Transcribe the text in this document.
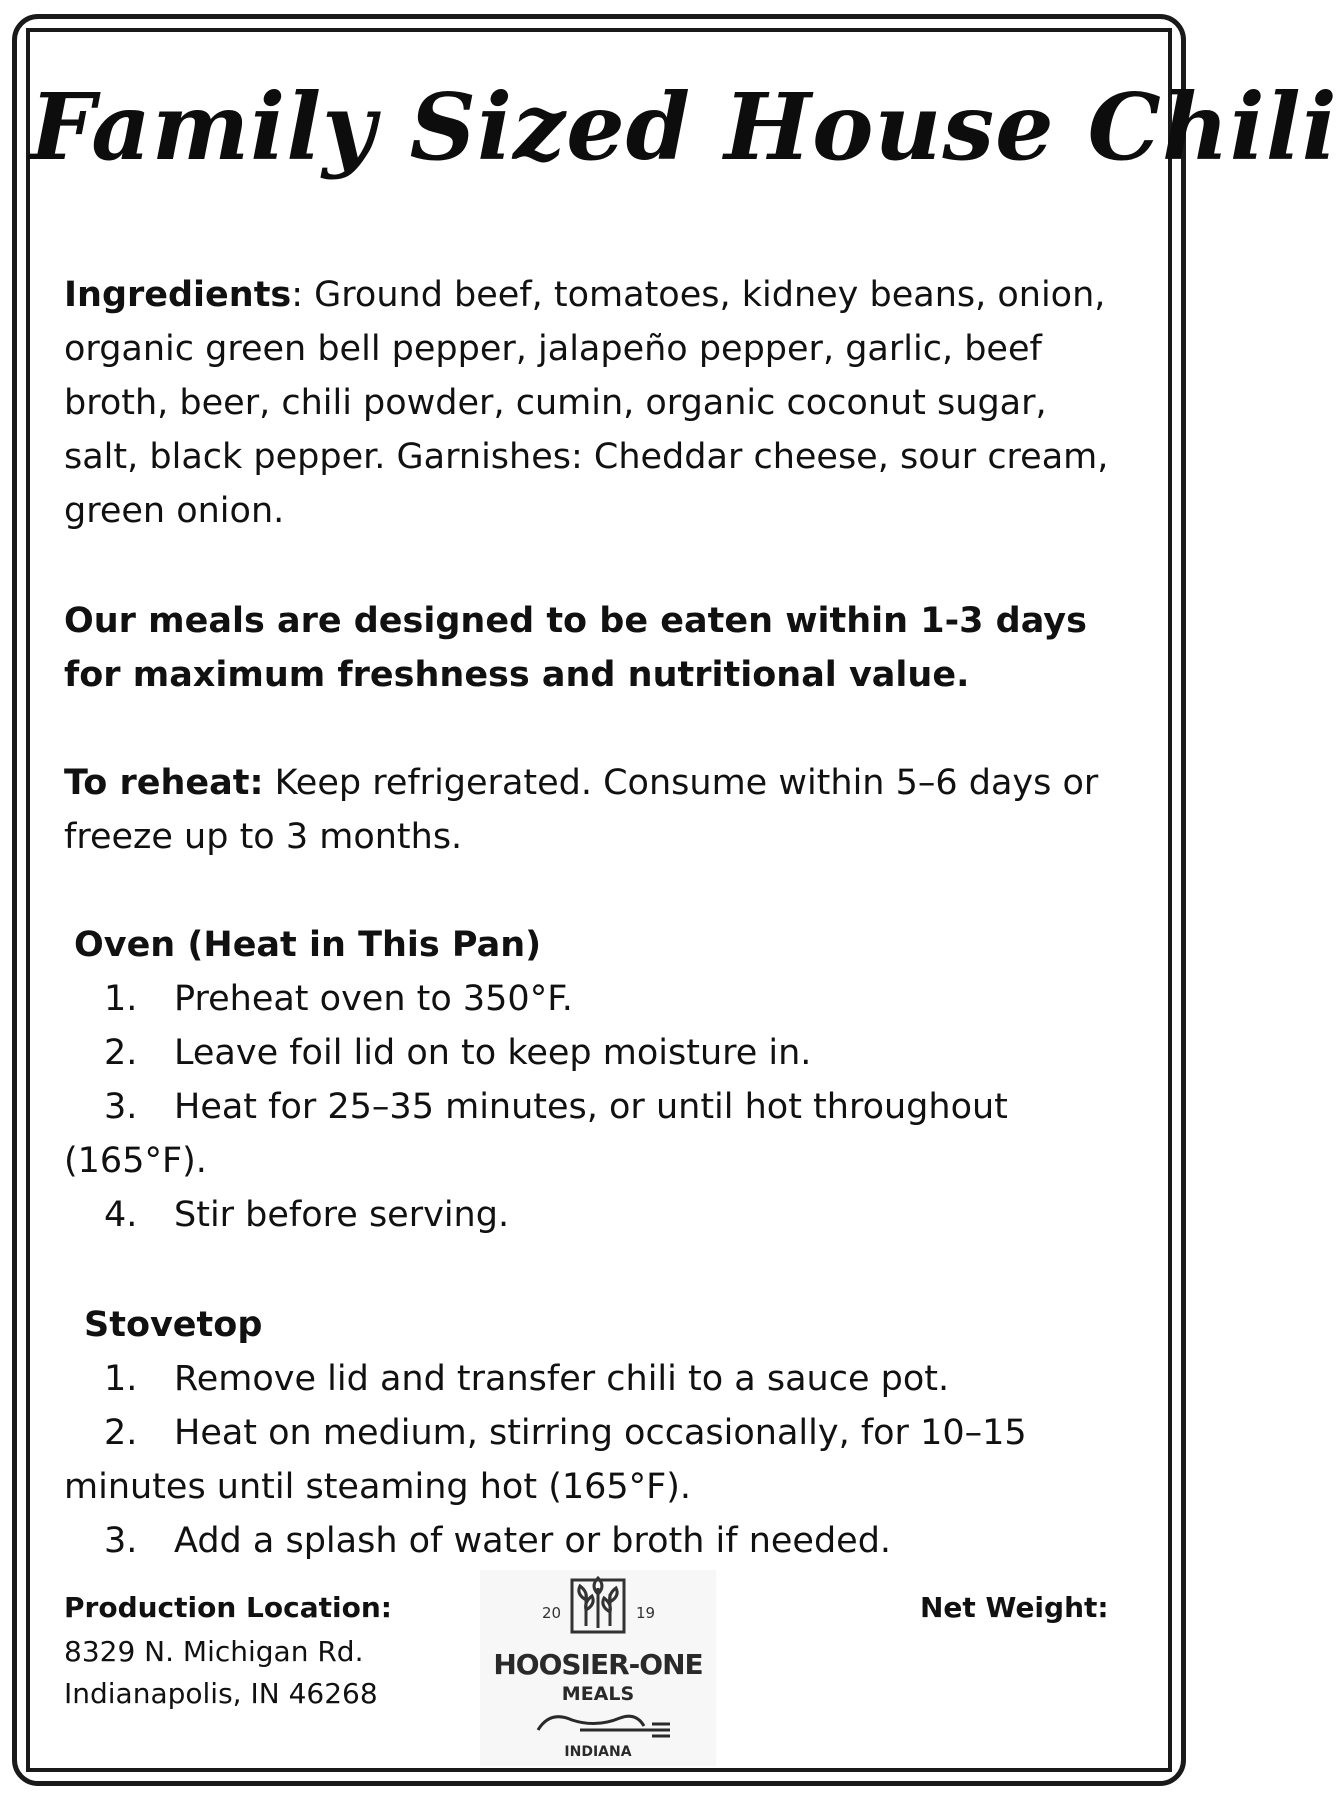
Family Sized House Chili

Ingredients: Ground beef, tomatoes, kidney beans, onion, organic green bell pepper, jalapeño pepper, garlic, beef broth, beer, chili powder, cumin, organic coconut sugar, salt, black pepper. Garnishes: Cheddar cheese, sour cream, green onion.

Our meals are designed to be eaten within 1-3 days for maximum freshness and nutritional value.

To reheat: Keep refrigerated. Consume within 5–6 days or freeze up to 3 months.

Oven (Heat in This Pan)

1. Preheat oven to 350°F.

2. Leave foil lid on to keep moisture in.

3. Heat for 25–35 minutes, or until hot throughout (165°F).

4. Stir before serving.

Stovetop

1. Remove lid and transfer chili to a sauce pot.

2. Heat on medium, stirring occasionally, for 10–15 minutes until steaming hot (165°F).

3. Add a splash of water or broth if needed.

Production Location:
8329 N. Michigan Rd.
Indianapolis, IN 46268
Net Weight:
20	19
HOOSIER-ONE
MEALS
INDIANA
